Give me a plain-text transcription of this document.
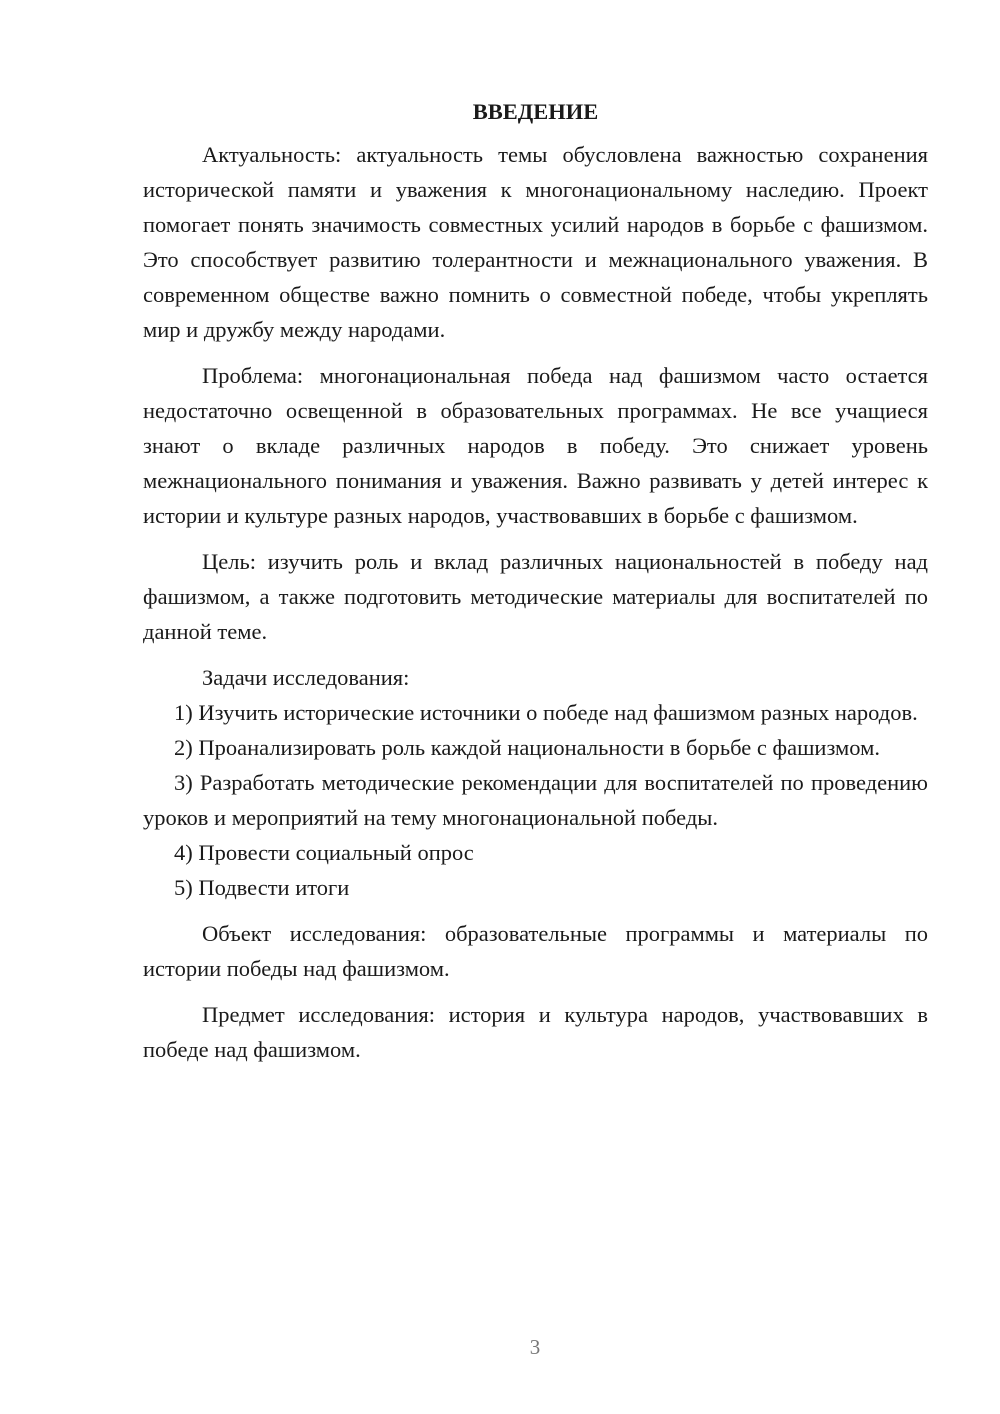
ВВЕДЕНИЕ

Актуальность: актуальность темы обусловлена важностью сохранения исторической памяти и уважения к многонациональному наследию. Проект помогает понять значимость совместных усилий народов в борьбе с фашизмом. Это способствует развитию толерантности и межнационального уважения. В современном обществе важно помнить о совместной победе, чтобы укреплять мир и дружбу между народами.

Проблема: многонациональная победа над фашизмом часто остается недостаточно освещенной в образовательных программах. Не все учащиеся знают о вкладе различных народов в победу. Это снижает уровень межнационального понимания и уважения. Важно развивать у детей интерес к истории и культуре разных народов, участвовавших в борьбе с фашизмом.

Цель: изучить роль и вклад различных национальностей в победу над фашизмом, а также подготовить методические материалы для воспитателей по данной теме.

Задачи исследования:

1) Изучить исторические источники о победе над фашизмом разных народов.

2) Проанализировать роль каждой национальности в борьбе с фашизмом.

3) Разработать методические рекомендации для воспитателей по проведению уроков и мероприятий на тему многонациональной победы.

4) Провести социальный опрос

5) Подвести итоги

Объект исследования: образовательные программы и материалы по истории победы над фашизмом.

Предмет исследования: история и культура народов, участвовавших в победе над фашизмом.

3
